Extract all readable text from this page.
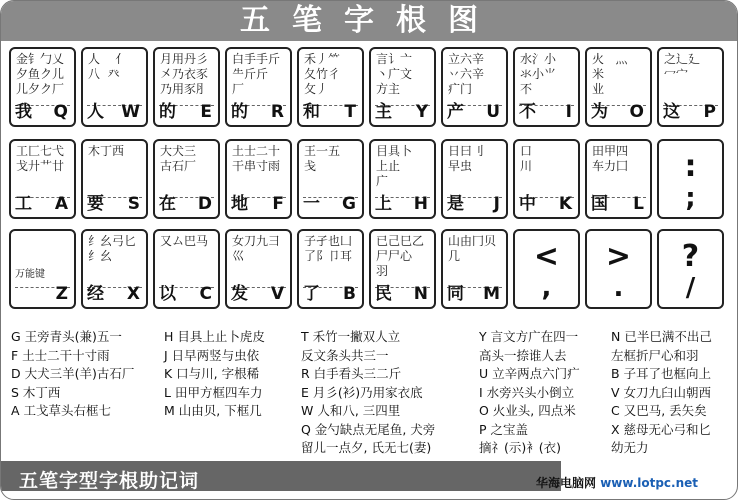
五笔字根图
金钅勹乂
夕鱼ク儿
儿夕ク厂
我 Q
人    亻
八  癶
人 W
月用丹彡
㐅乃衣豕
乃用豕⺼
的 E
白手手斤
⺧斤斤
厂
的 R
禾丿⺮
夂竹彳
攵丿
和 T
言讠亠
丶广文
方主
主 Y
立六辛
丷六辛
疒门
产 U
水氵小
氺小⺌
不
不 I
火   灬
米
业
为 O
之辶廴
冖宀

这 P
工匚七弋
戈廾艹廿

工 A
木丁西

要 S
大犬三
古石厂

在 D
土士二十
干串寸雨

地 F
王一五
戋
一 G
目具卜
上止
广
上 H
日曰刂
早虫

是 J
口
川
中 K
田甲四
车力囗

国 L
:
;
万能键
Z
纟幺弓匕
纟幺
经 X
又ム巴马

以 C
女刀九彐
巛
发 V
子孑也凵
了阝卩耳

了 B
已己巳乙
尸尸心
羽
民 N
山由冂贝
几
同 M
<
,
>
.
?
/
G 王旁青头(兼)五一
F 土士二干十寸雨
D 大犬三羊(羊)古石厂
S 木丁西
A 工戈草头右框七
H 目具上止卜虎皮
J 日早两竖与虫依
K 口与川, 字根稀
L 田甲方框四车力
M 山由贝, 下框几
T 禾竹一撇双人立
反文条头共三一
R 白手看头三二斤
E 月彡(衫)乃用家衣底
W 人和八, 三四里
Q 金勺缺点无尾鱼, 犬旁
留儿一点夕, 氏无七(妻)
Y 言文方广在四一
高头一捺谁人去
U 立辛两点六门疒
I 水旁兴头小倒立
O 火业头, 四点米
P 之宝盖
摘礻(示)衤(衣)
N 已半巳满不出己
左框折尸心和羽
B 子耳了也框向上
V 女刀九臼山朝西
C 又巴马, 丢矢矣
X 慈母无心弓和匕
幼无力
五笔字型字根助记词	华海电脑网 www.lotpc.net
